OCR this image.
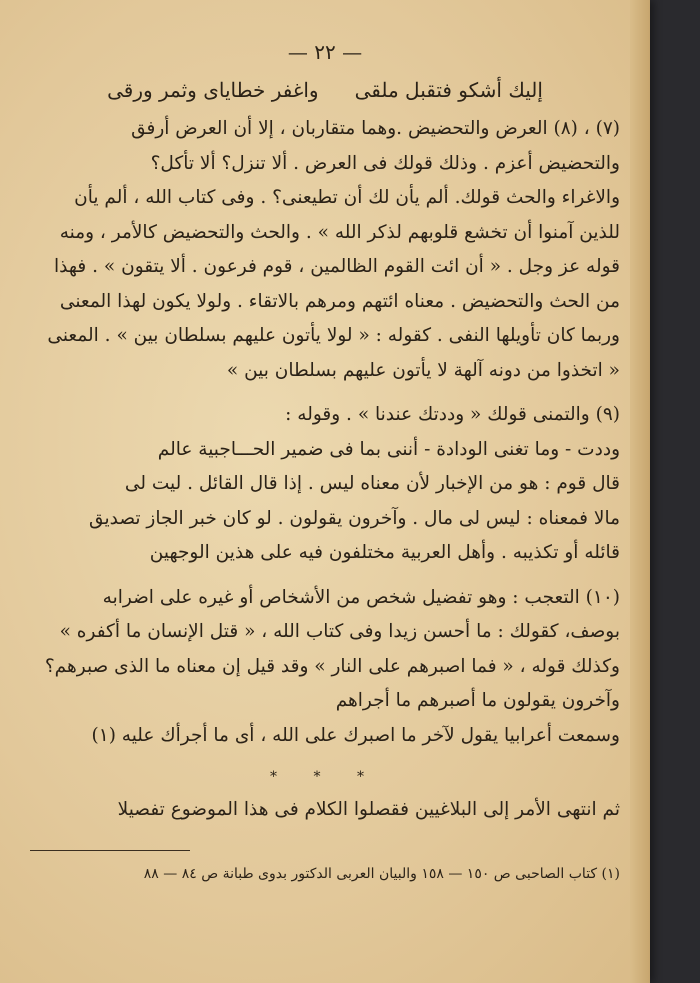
— ٢٢ —
إليك أشكو فتقبل ملقى
واغفر خطاياى وثمر ورقى
(٧) ، (٨) العرض والتحضيض .وهما متقاربان ، إلا أن العرض أرفق
والتحضيض أعزم . وذلك قولك فى العرض . ألا تنزل؟ ألا تأكل؟
والاغراء والحث قولك. ألم يأن لك أن تطيعنى؟ . وفى كتاب الله ، ألم يأن
للذين آمنوا أن تخشع قلوبهم لذكر الله » . والحث والتحضيض كالأمر ، ومنه
قوله عز وجل . « أن ائت القوم الظالمين ، قوم فرعون . ألا يتقون » . فهذا
من الحث والتحضيض . معناه ائتهم ومرهم بالاتقاء . ولولا يكون لهذا المعنى
وربما كان تأويلها النفى . كقوله : « لولا يأتون عليهم بسلطان بين » . المعنى
« اتخذوا من دونه آلهة لا يأتون عليهم بسلطان بين »
(٩) والتمنى قولك « وددتك عندنا » . وقوله :
وددت - وما تغنى الودادة - أننى بما فى ضمير الحـــاجبية عالم
قال قوم : هو من الإخبار لأن معناه ليس . إذا قال القائل . ليت لى
مالا فمعناه : ليس لى مال . وآخرون يقولون . لو كان خبر الجاز تصديق
قائله أو تكذيبه . وأهل العربية مختلفون فيه على هذين الوجهين
(١٠) التعجب : وهو تفضيل شخص من الأشخاص أو غيره على اضرابه
بوصف، كقولك : ما أحسن زيدا وفى كتاب الله ، « قتل الإنسان ما أكفره »
وكذلك قوله ، « فما اصبرهم على النار » وقد قيل إن معناه ما الذى صبرهم؟
وآخرون يقولون ما أصبرهم ما أجراهم
وسمعت أعرابيا يقول لآخر ما اصبرك على الله ، أى ما أجرأك عليه (١)
* * *
ثم انتهى الأمر إلى البلاغيين فقصلوا الكلام فى هذا الموضوع تفصيلا
(١) كتاب الصاحبى ص ١٥٠ — ١٥٨ والبيان العربى الدكتور بدوى طبانة ص ٨٤ — ٨٨
